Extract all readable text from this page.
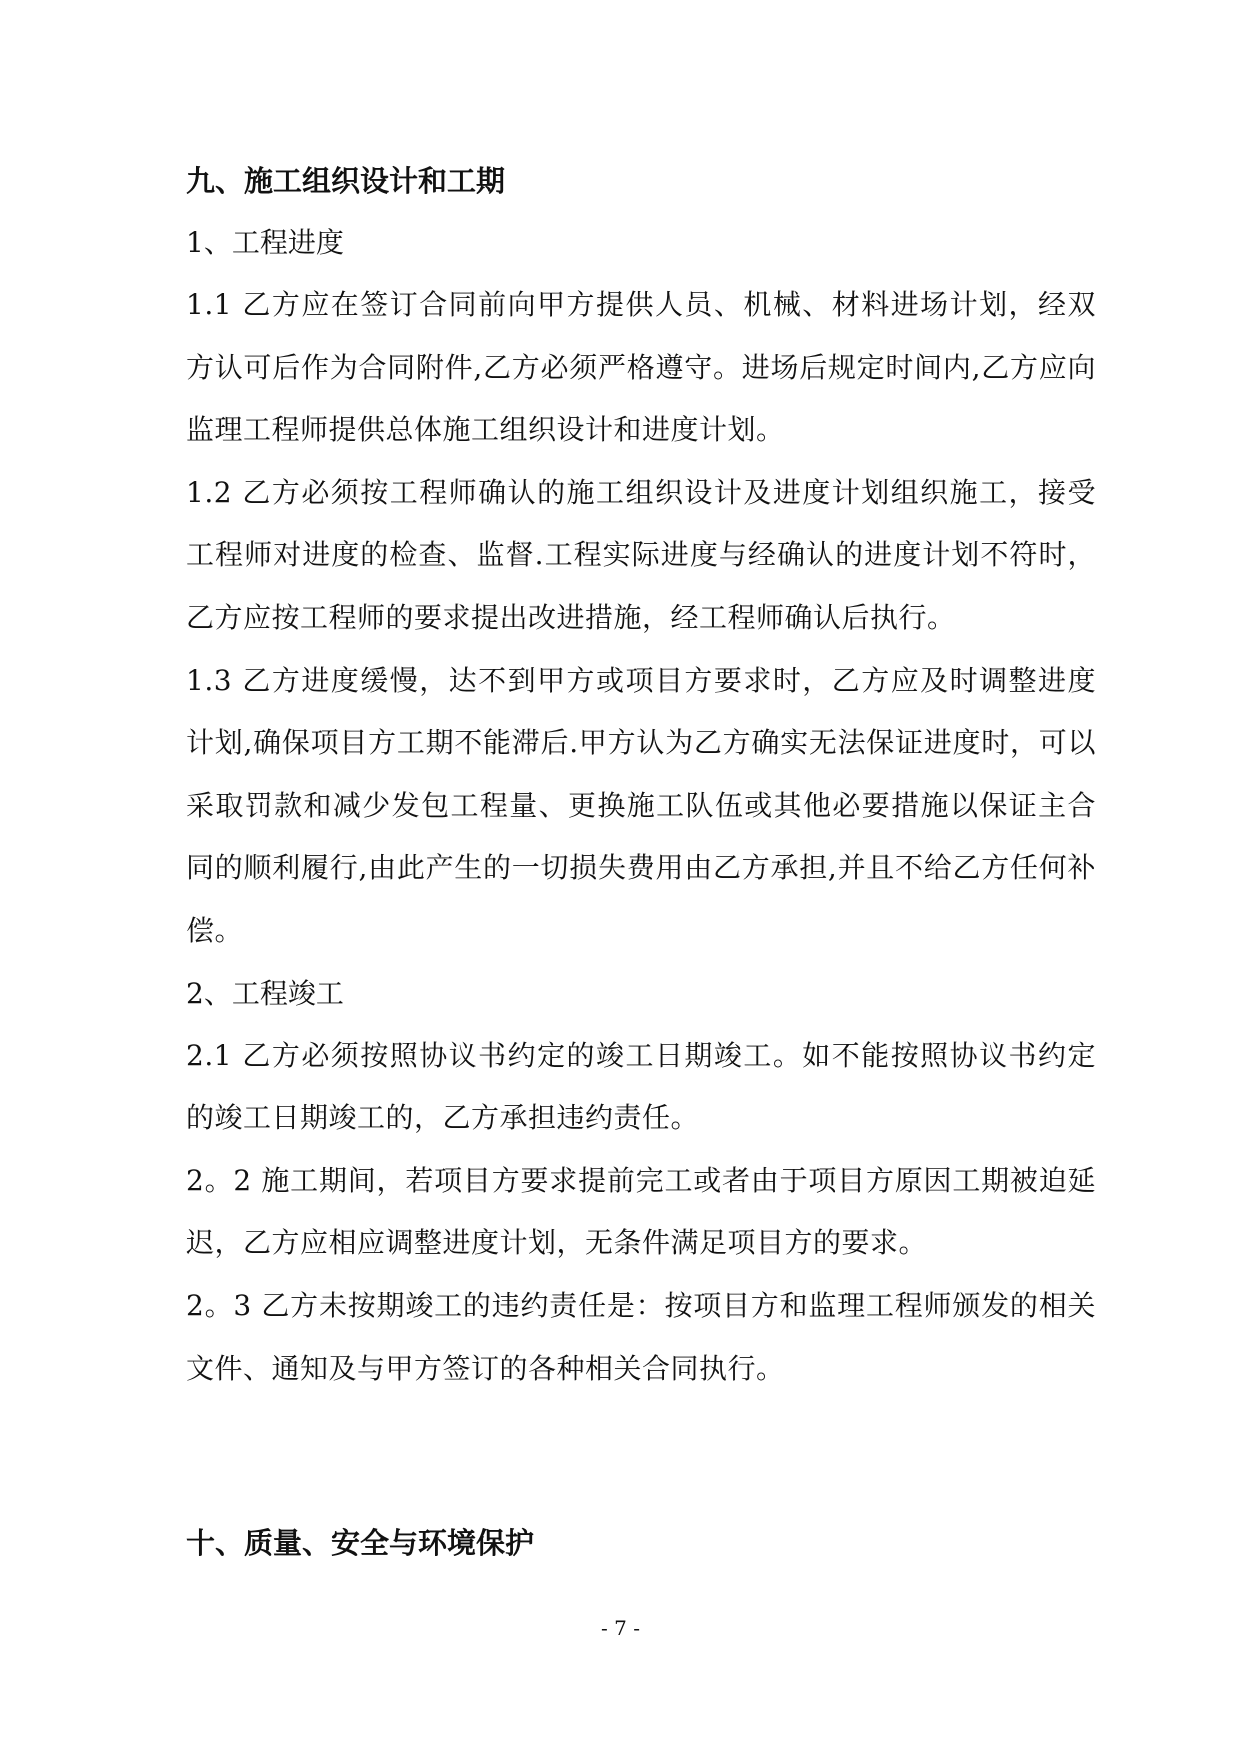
九、施工组织设计和工期

1、工程进度

1.1 乙方应在签订合同前向甲方提供人员、机械、材料进场计划，经双方认可后作为合同附件,乙方必须严格遵守。进场后规定时间内,乙方应向监理工程师提供总体施工组织设计和进度计划。

1.2 乙方必须按工程师确认的施工组织设计及进度计划组织施工，接受工程师对进度的检查、监督.工程实际进度与经确认的进度计划不符时，乙方应按工程师的要求提出改进措施，经工程师确认后执行。

1.3 乙方进度缓慢，达不到甲方或项目方要求时，乙方应及时调整进度计划,确保项目方工期不能滞后.甲方认为乙方确实无法保证进度时，可以采取罚款和减少发包工程量、更换施工队伍或其他必要措施以保证主合同的顺利履行,由此产生的一切损失费用由乙方承担,并且不给乙方任何补偿。

2、工程竣工

2.1 乙方必须按照协议书约定的竣工日期竣工。如不能按照协议书约定的竣工日期竣工的，乙方承担违约责任。

2。2 施工期间，若项目方要求提前完工或者由于项目方原因工期被迫延迟，乙方应相应调整进度计划，无条件满足项目方的要求。

2。3 乙方未按期竣工的违约责任是：按项目方和监理工程师颁发的相关文件、通知及与甲方签订的各种相关合同执行。

十、质量、安全与环境保护

- 7 -
